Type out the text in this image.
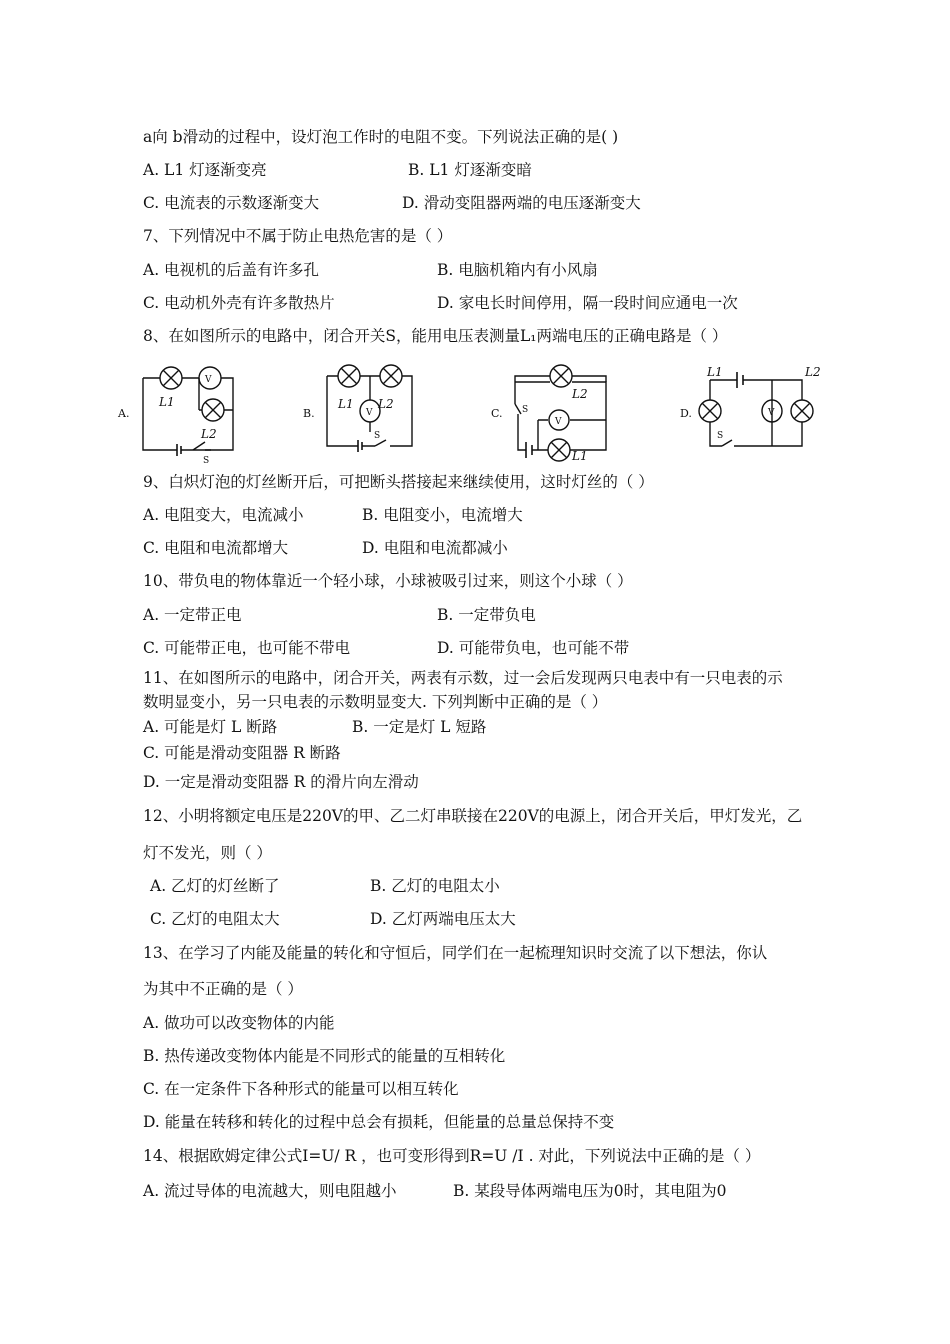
a向 b滑动的过程中，设灯泡工作时的电阻不变。下列说法正确的是( )
A. L1 灯逐渐变亮	B. L1 灯逐渐变暗
C. 电流表的示数逐渐变大	D. 滑动变阻器两端的电压逐渐变大
7、下列情况中不属于防止电热危害的是（ ）
A. 电视机的后盖有许多孔	B. 电脑机箱内有小风扇
C. 电动机外壳有许多散热片	D. 家电长时间停用，隔一段时间应通电一次
8、在如图所示的电路中，闭合开关S，能用电压表测量L₁两端电压的正确电路是（ ）
A.
V
L1
L2
S
B.	V
L1 L2
S
C.
V
L2
L1
S	D.	V
L1	L2
S
9、白炽灯泡的灯丝断开后，可把断头搭接起来继续使用，这时灯丝的（ ）
A. 电阻变大，电流减小	B. 电阻变小，电流增大
C. 电阻和电流都增大	D. 电阻和电流都减小
10、带负电的物体靠近一个轻小球，小球被吸引过来，则这个小球（ ）
A. 一定带正电	B. 一定带负电
C. 可能带正电，也可能不带电	D. 可能带负电，也可能不带
11、在如图所示的电路中，闭合开关，两表有示数，过一会后发现两只电表中有一只电表的示
数明显变小，另一只电表的示数明显变大. 下列判断中正确的是（ ）
A. 可能是灯 L 断路	B. 一定是灯 L 短路
C. 可能是滑动变阻器 R 断路
D. 一定是滑动变阻器 R 的滑片向左滑动
12、小明将额定电压是220V的甲、乙二灯串联接在220V的电源上，闭合开关后，甲灯发光，乙
灯不发光，则（ ）
A. 乙灯的灯丝断了	B. 乙灯的电阻太小
C. 乙灯的电阻太大	D. 乙灯两端电压太大
13、在学习了内能及能量的转化和守恒后，同学们在一起梳理知识时交流了以下想法，你认
为其中不正确的是（ ）
A. 做功可以改变物体的内能
B. 热传递改变物体内能是不同形式的能量的互相转化
C. 在一定条件下各种形式的能量可以相互转化
D. 能量在转移和转化的过程中总会有损耗，但能量的总量总保持不变
14、根据欧姆定律公式I=U/ R ，也可变形得到R=U /I . 对此，下列说法中正确的是（ ）
A. 流过导体的电流越大，则电阻越小	B. 某段导体两端电压为0时，其电阻为0
